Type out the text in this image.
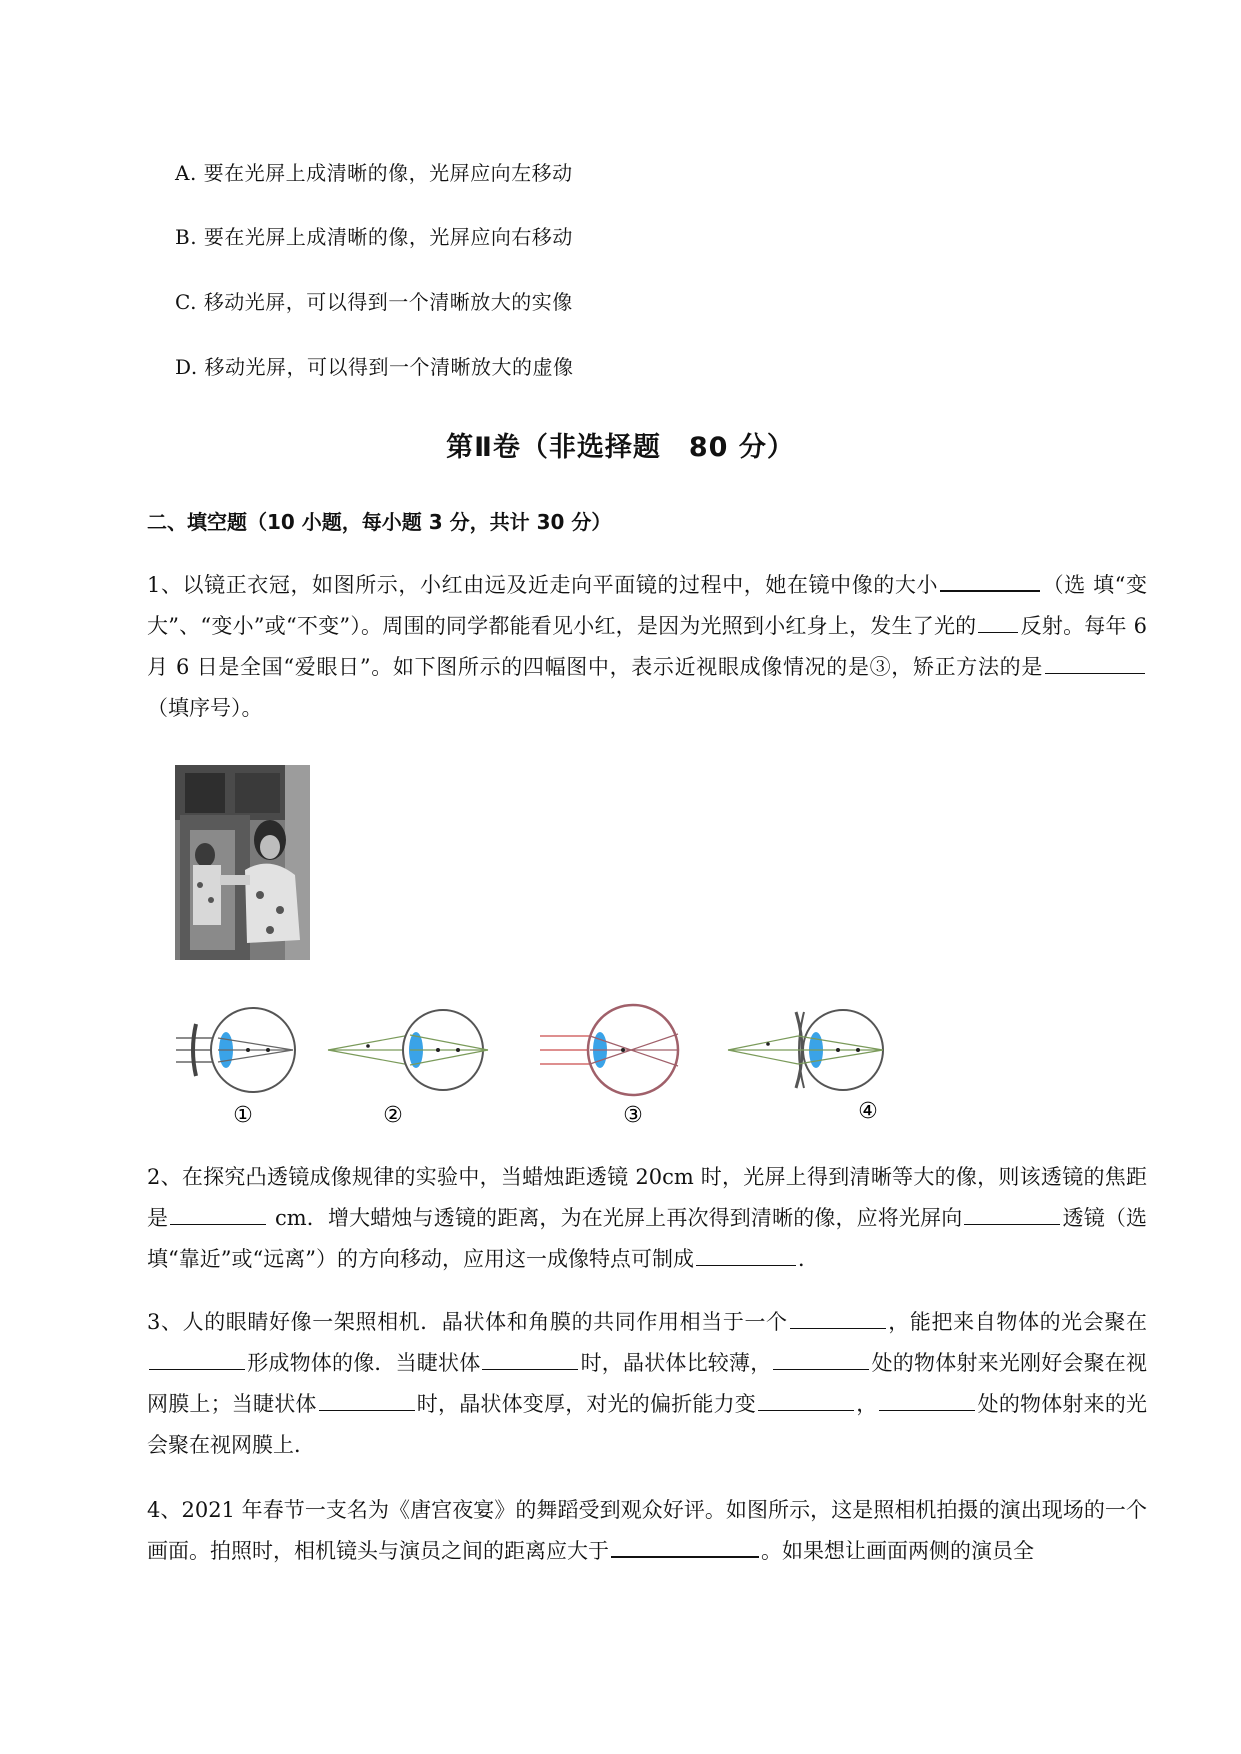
A. 要在光屏上成清晰的像，光屏应向左移动
B. 要在光屏上成清晰的像，光屏应向右移动
C. 移动光屏，可以得到一个清晰放大的实像
D. 移动光屏，可以得到一个清晰放大的虚像
第Ⅱ卷（非选择题　80 分）
二、填空题（10 小题，每小题 3 分，共计 30 分）
1、以镜正衣冠，如图所示，小红由远及近走向平面镜的过程中，她在镜中像的大小	（选 填“变大”、“变小”或“不变”）。周围的同学都能看见小红，是因为光照到小红身上，发生了光的 反射。每年 6 月 6 日是全国“爱眼日”。如下图所示的四幅图中，表示近视眼成像情况的是③，矫正方法的是（填序号）。
①	②	③	④
2、在探究凸透镜成像规律的实验中，当蜡烛距透镜 20cm 时，光屏上得到清晰等大的像，则该透镜的焦距是	cm．增大蜡烛与透镜的距离，为在光屏上再次得到清晰的像，应将光屏向	透镜（选填“靠近”或“远离”）的方向移动，应用这一成像特点可制成	．
3、人的眼睛好像一架照相机．晶状体和角膜的共同作用相当于一个	，能把来自物体的光会聚在形成物体的像．当睫状体	时，晶状体比较薄，	处的物体射来光刚好会聚在视网膜上；当睫状体	时，晶状体变厚，对光的偏折能力变	，	处的物体射来的光会聚在视网膜上．
4、2021 年春节一支名为《唐宫夜宴》的舞蹈受到观众好评。如图所示，这是照相机拍摄的演出现场的一个画面。拍照时，相机镜头与演员之间的距离应大于	。如果想让画面两侧的演员全
